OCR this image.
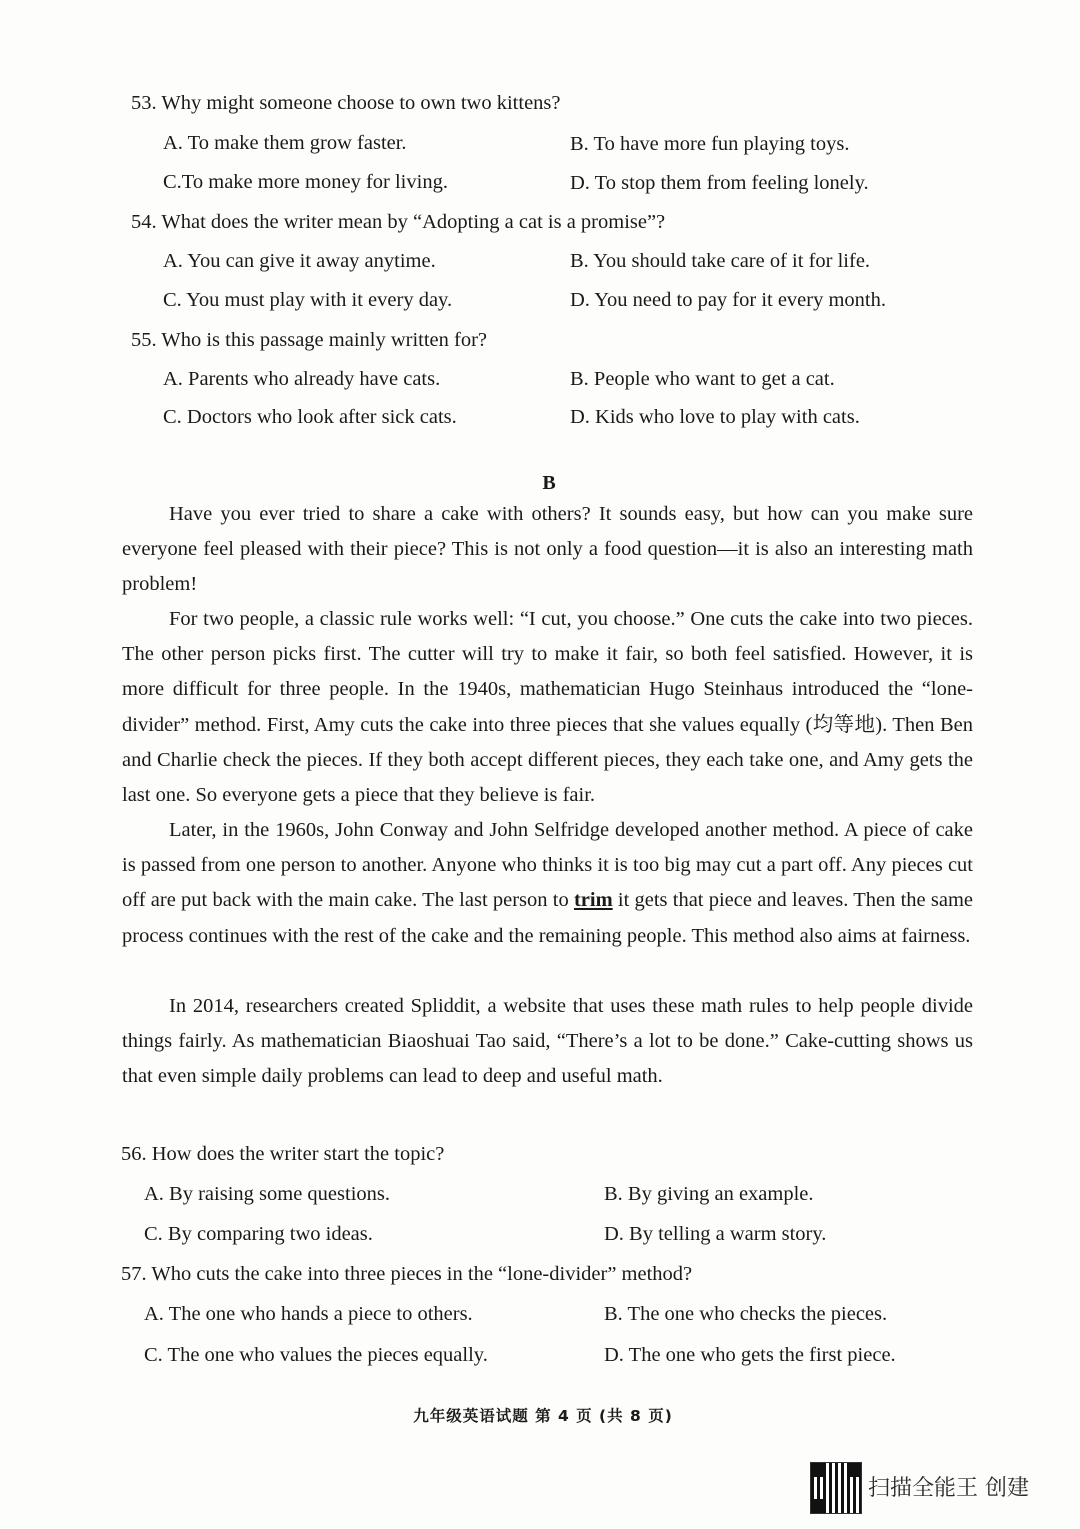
53. Why might someone choose to own two kittens?
A. To make them grow faster.	B. To have more fun playing toys.
C.To make more money for living.	D. To stop them from feeling lonely.
54. What does the writer mean by “Adopting a cat is a promise”?
A. You can give it away anytime.	B. You should take care of it for life.
C. You must play with it every day.	D. You need to pay for it every month.
55. Who is this passage mainly written for?
A. Parents who already have cats.	B. People who want to get a cat.
C. Doctors who look after sick cats.	D. Kids who love to play with cats.
B
Have you ever tried to share a cake with others? It sounds easy, but how can you make sure everyone feel pleased with their piece? This is not only a food question—it is also an interesting math problem!
For two people, a classic rule works well: “I cut, you choose.” One cuts the cake into two pieces. The other person picks first. The cutter will try to make it fair, so both feel satisfied. However, it is more difficult for three people. In the 1940s, mathematician Hugo Steinhaus introduced the “lone-divider” method. First, Amy cuts the cake into three pieces that she values equally (均等地). Then Ben and Charlie check the pieces. If they both accept different pieces, they each take one, and Amy gets the last one. So everyone gets a piece that they believe is fair.
Later, in the 1960s, John Conway and John Selfridge developed another method. A piece of cake is passed from one person to another. Anyone who thinks it is too big may cut a part off. Any pieces cut off are put back with the main cake. The last person to trim it gets that piece and leaves. Then the same process continues with the rest of the cake and the remaining people. This method also aims at fairness.
In 2014, researchers created Spliddit, a website that uses these math rules to help people divide things fairly. As mathematician Biaoshuai Tao said, “There’s a lot to be done.” Cake-cutting shows us that even simple daily problems can lead to deep and useful math.
56. How does the writer start the topic?
A. By raising some questions.	B. By giving an example.
C. By comparing two ideas.	D. By telling a warm story.
57. Who cuts the cake into three pieces in the “lone-divider” method?
A. The one who hands a piece to others.	B. The one who checks the pieces.
C. The one who values the pieces equally.	D. The one who gets the first piece.
九年级英语试题 第 4 页 (共 8 页)
扫描全能王 创建
